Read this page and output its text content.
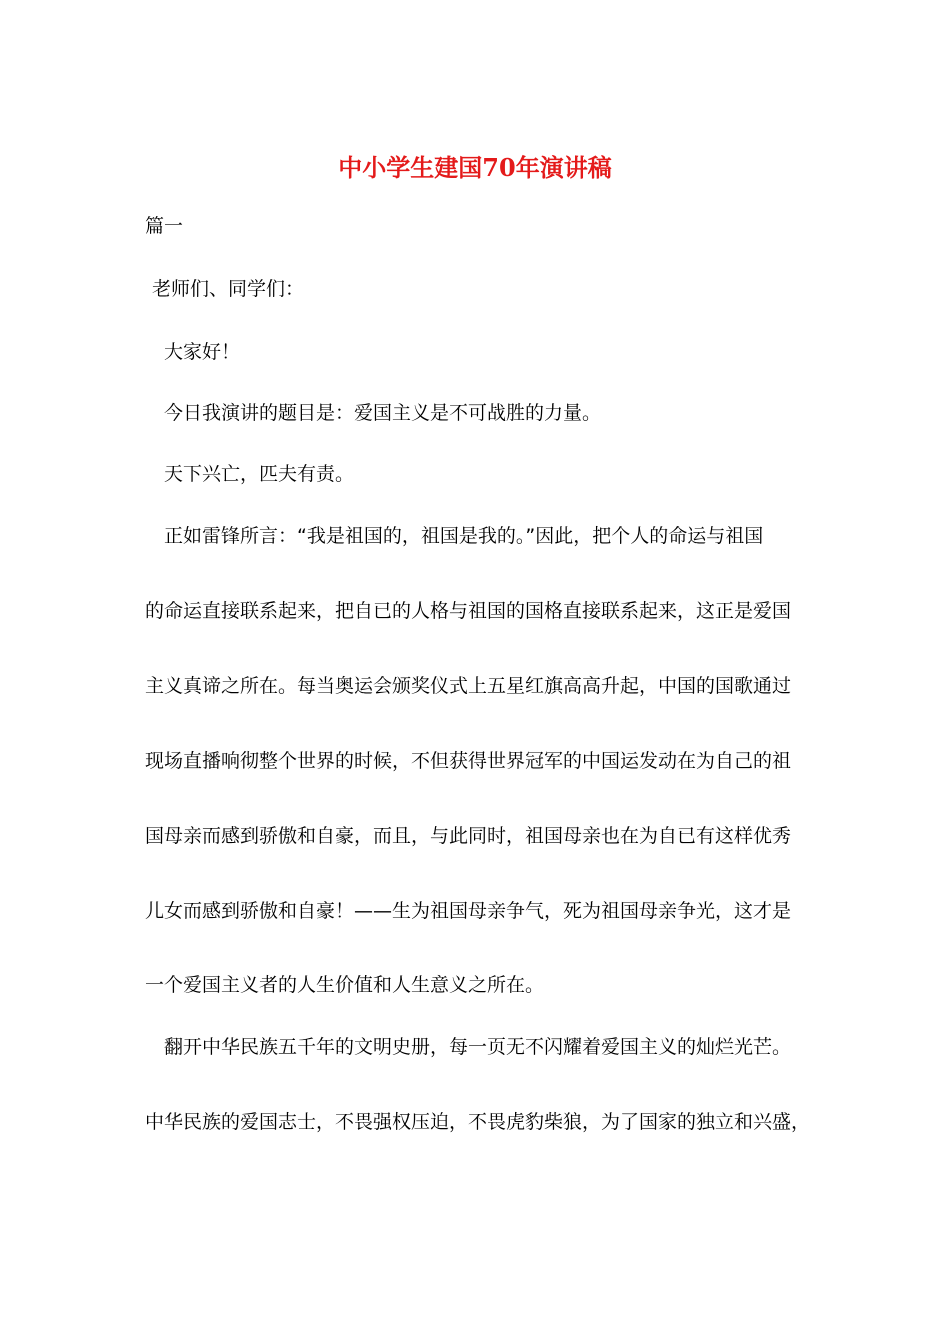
中小学生建国70年演讲稿

篇一

老师们、同学们：

大家好！

今日我演讲的题目是：爱国主义是不可战胜的力量。

天下兴亡，匹夫有责。

正如雷锋所言：“我是祖国的，祖国是我的。”因此，把个人的命运与祖国

的命运直接联系起来，把自已的人格与祖国的国格直接联系起来，这正是爱国

主义真谛之所在。每当奥运会颁奖仪式上五星红旗高高升起，中国的国歌通过

现场直播响彻整个世界的时候，不但获得世界冠军的中国运发动在为自己的祖

国母亲而感到骄傲和自豪，而且，与此同时，祖国母亲也在为自已有这样优秀

儿女而感到骄傲和自豪！——生为祖国母亲争气，死为祖国母亲争光，这才是

一个爱国主义者的人生价值和人生意义之所在。

翻开中华民族五千年的文明史册，每一页无不闪耀着爱国主义的灿烂光芒。

中华民族的爱国志士，不畏强权压迫，不畏虎豹柴狼，为了国家的独立和兴盛，
